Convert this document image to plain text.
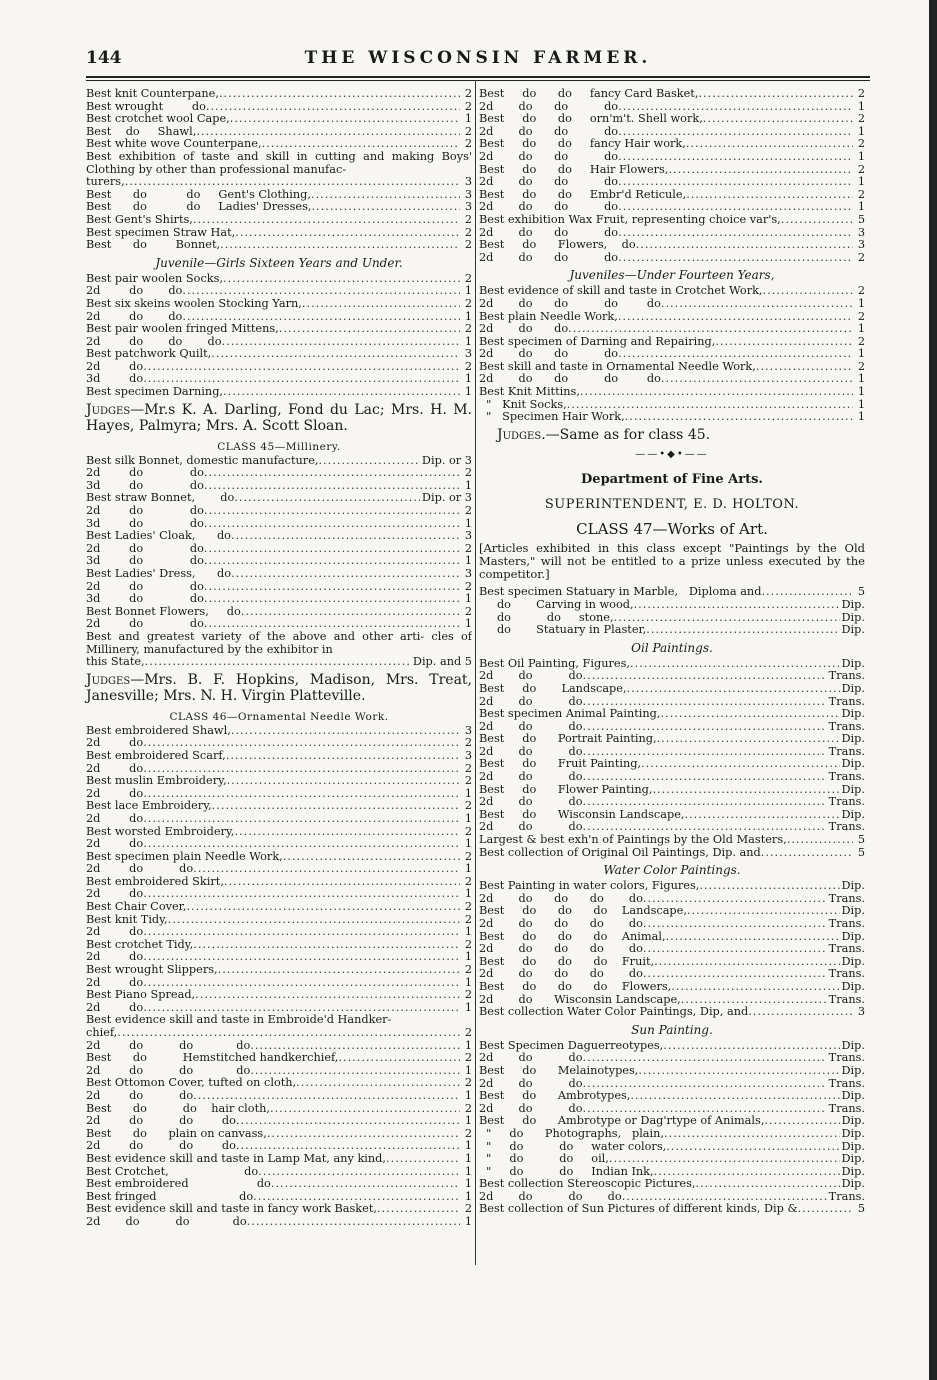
144	THE WISCONSIN FARMER.
Best knit Counterpane, .....	2
Best wrought        do .....	2
Best crotchet wool Cape, .....	1
Best    do     Shawl, .....	2
Best white wove Counterpane, .....	2
Best exhibition of taste and skill in cutting and making Boys' Clothing by other than professional manufac-
turers, .....	3
Best      do           do     Gent's Clothing, .....	3
Best      do           do     Ladies' Dresses, .....	3
Best Gent's Shirts, .....	2
Best specimen Straw Hat, .....	2
Best      do        Bonnet, .....	2
Juvenile—Girls Sixteen Years and Under.
Best pair woolen Socks, .....	2
2d        do       do .....	1
Best six skeins woolen Stocking Yarn, .....	2
2d        do       do .....	1
Best pair woolen fringed Mittens, .....	2
2d        do       do       do .....	1
Best patchwork Quilt, .....	3
2d        do .....	2
3d        do .....	1
Best specimen Darning, .....	1
Judges—Mr.s K. A. Darling, Fond du Lac; Mrs. H. M. Hayes, Palmyra; Mrs. A. Scott Sloan.
CLASS 45—Millinery.
Best silk Bonnet, domestic manufacture, .....	Dip. or 3
2d        do             do .....	2
3d        do             do .....	1
Best straw Bonnet,       do .....	Dip. or 3
2d        do             do .....	2
3d        do             do .....	1
Best Ladies' Cloak,      do .....	3
2d        do             do .....	2
3d        do             do .....	1
Best Ladies' Dress,      do .....	3
2d        do             do .....	2
3d        do             do .....	1
Best Bonnet Flowers,     do .....	2
2d        do             do .....	1
Best and greatest variety of the above and other arti- cles of Millinery, manufactured by the exhibitor in
this State, .....	Dip. and 5
Judges—Mrs. B. F. Hopkins, Madison, Mrs. Treat, Janesville; Mrs. N. H. Virgin Platteville.
CLASS 46—Ornamental Needle Work.
Best embroidered Shawl, .....	3
2d        do .....	2
Best embroidered Scarf, .....	3
2d        do .....	2
Best muslin Embroidery, .....	2
2d        do .....	1
Best lace Embroidery, .....	2
2d        do .....	1
Best worsted Embroidery, .....	2
2d        do .....	1
Best specimen plain Needle Work, .....	2
2d        do          do .....	1
Best embroidered Skirt, .....	2
2d        do .....	1
Best Chair Cover, .....	2
Best knit Tidy, .....	2
2d        do .....	1
Best crotchet Tidy, .....	2
2d        do .....	1
Best wrought Slippers, .....	2
2d        do .....	1
Best Piano Spread, .....	2
2d        do .....	1
Best evidence skill and taste in Embroide'd Handker-
chief, .....	2
2d        do          do            do .....	1
Best      do          Hemstitched handkerchief, .....	2
2d        do          do            do .....	1
Best Ottomon Cover, tufted on cloth, .....	2
2d        do          do .....	1
Best      do          do    hair cloth, .....	2
2d        do          do        do .....	1
Best      do      plain on canvass, .....	2
2d        do          do        do .....	1
Best evidence skill and taste in Lamp Mat, any kind, .....	1
Best Crotchet,                     do .....	1
Best embroidered                   do .....	1
Best fringed                       do .....	1
Best evidence skill and taste in fancy work Basket, .....	2
2d       do          do            do .....	1
Best     do      do     fancy Card Basket, .....	2
2d       do      do          do .....	1
Best     do      do     orn'm't. Shell work, .....	2
2d       do      do          do .....	1
Best     do      do     fancy Hair work, .....	2
2d       do      do          do .....	1
Best     do      do     Hair Flowers, .....	2
2d       do      do          do .....	1
Best     do      do     Embr'd Reticule, .....	2
2d       do      do          do .....	1
Best exhibition Wax Fruit, representing choice var's, .....	5
2d       do      do          do .....	3
Best     do      Flowers,    do .....	3
2d       do      do          do .....	2
Juveniles—Under Fourteen Years,
Best evidence of skill and taste in Crotchet Work, .....	2
2d       do      do          do        do .....	1
Best plain Needle Work, .....	2
2d       do      do .....	1
Best specimen of Darning and Repairing, .....	2
2d       do      do          do .....	1
Best skill and taste in Ornamental Needle Work, .....	2
2d       do      do          do        do .....	1
Best Knit Mittins, .....	1
"   Knit Socks, .....	1
"   Specimen Hair Work, .....	1
Judges.—Same as for class 45.
——•◆•——
Department of Fine Arts.
SUPERINTENDENT, E. D. HOLTON.
CLASS 47—Works of Art.
[Articles exhibited in this class except "Paintings by the Old Masters," will not be entitled to a prize unless executed by the competitor.]
Best specimen Statuary in Marble,   Diploma and .....	5
do       Carving in wood, .....	Dip.
do          do     stone, .....	Dip.
do       Statuary in Plaster, .....	Dip.
Oil Paintings.
Best Oil Painting, Figures, .....	Dip.
2d       do          do .....	Trans.
Best     do       Landscape, .....	Dip.
2d       do          do .....	Trans.
Best specimen Animal Painting, .....	Dip.
2d       do          do .....	Trans.
Best     do      Portrait Painting, .....	Dip.
2d       do          do .....	Trans.
Best     do      Fruit Painting, .....	Dip.
2d       do          do .....	Trans.
Best     do      Flower Painting, .....	Dip.
2d       do          do .....	Trans.
Best     do      Wisconsin Landscape, .....	Dip.
2d       do          do .....	Trans.
Largest & best exh'n of Paintings by the Old Masters, .....	5
Best collection of Original Oil Paintings, Dip. and .....	5
Water Color Paintings.
Best Painting in water colors, Figures, .....	Dip.
2d       do      do      do       do .....	Trans.
Best     do      do      do    Landscape, .....	Dip.
2d       do      do      do       do .....	Trans.
Best     do      do      do    Animal, .....	Dip.
2d       do      do      do       do .....	Trans.
Best     do      do      do    Fruit, .....	Dip.
2d       do      do      do       do .....	Trans.
Best     do      do      do    Flowers, .....	Dip.
2d       do      Wisconsin Landscape, .....	Trans.
Best collection Water Color Paintings, Dip, and .....	3
Sun Painting.
Best Specimen Daguerreotypes, .....	Dip.
2d       do          do .....	Trans.
Best     do      Melainotypes, .....	Dip.
2d       do          do .....	Trans.
Best     do      Ambrotypes, .....	Dip.
2d       do          do .....	Trans.
Best     do      Ambrotype or Dag'rtype of Animals, .....	Dip.
"     do      Photographs,   plain, .....	Dip.
"     do          do     water colors, .....	Dip.
"     do          do     oil, .....	Dip.
"     do          do     Indian Ink, .....	Dip.
Best collection Stereoscopic Pictures, .....	Dip.
2d       do          do       do .....	Trans.
Best collection of Sun Pictures of different kinds, Dip & .....	5
